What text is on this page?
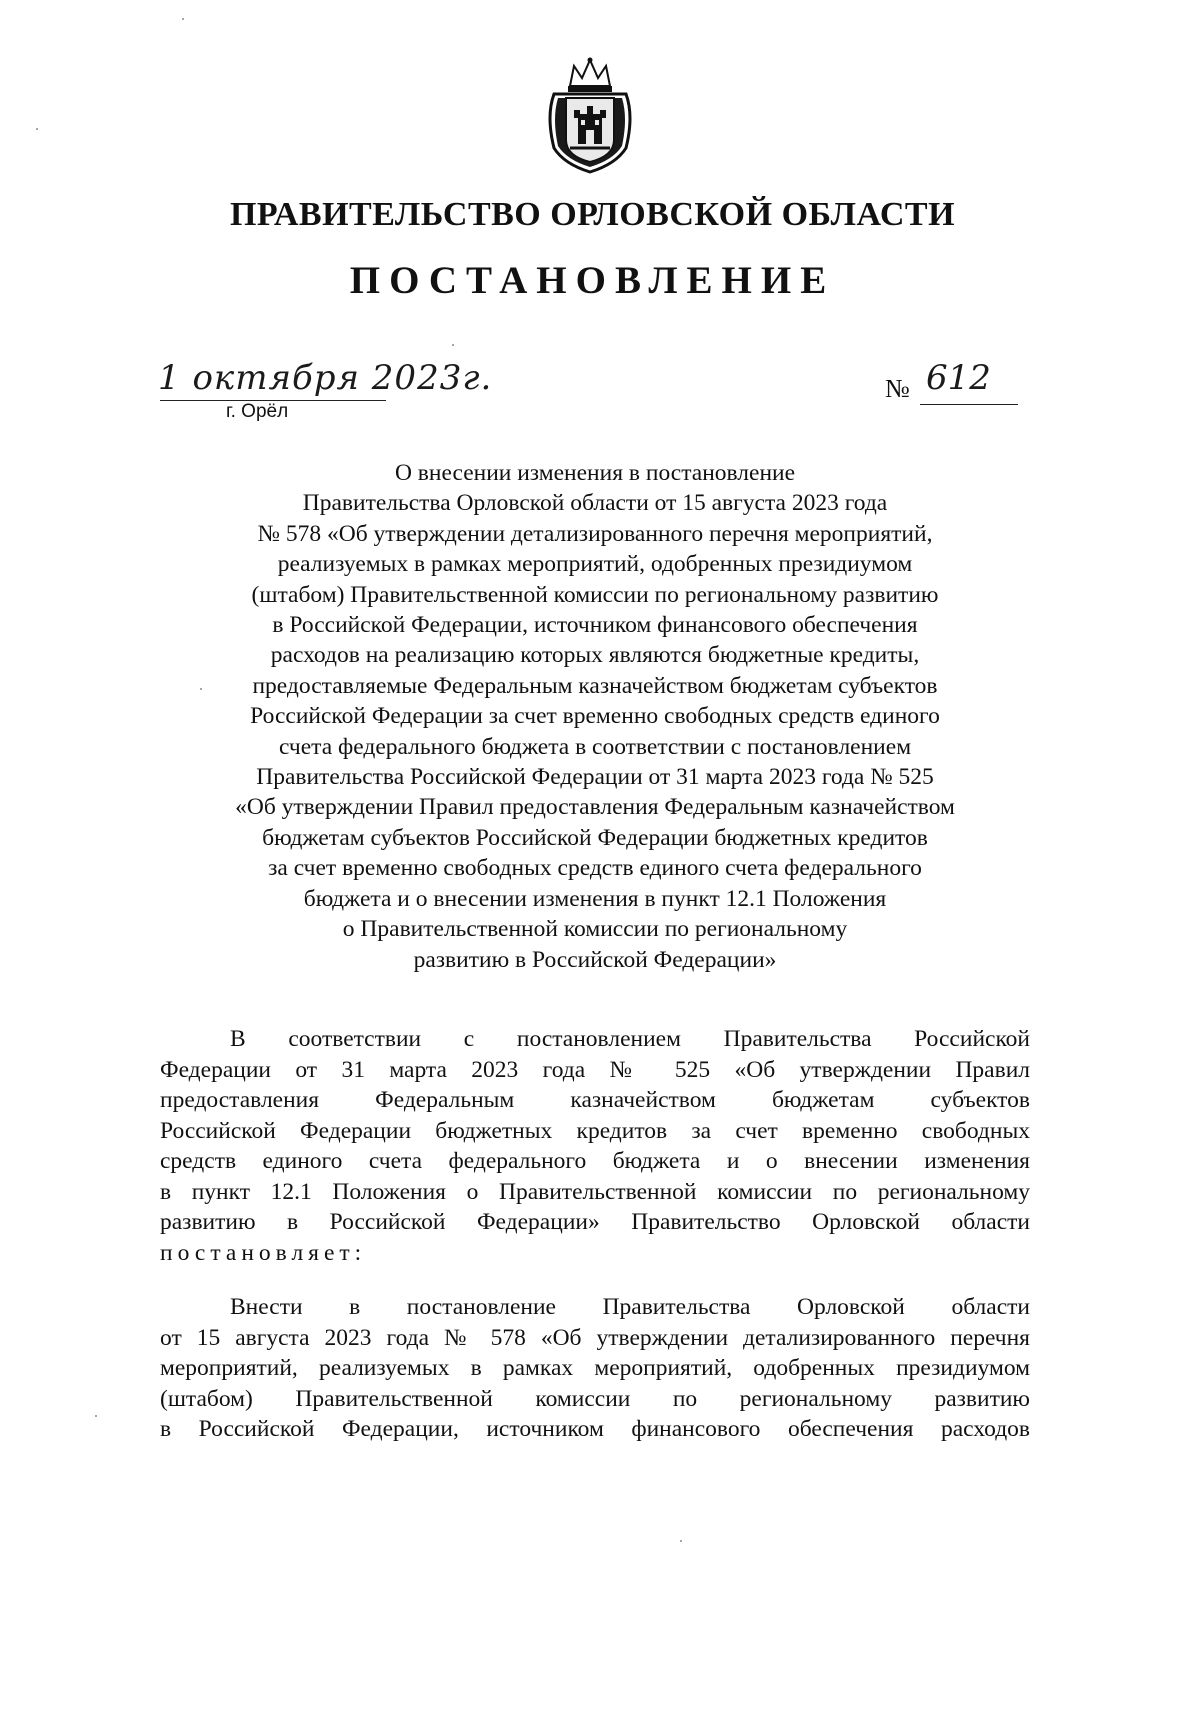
ПРАВИТЕЛЬСТВО ОРЛОВСКОЙ ОБЛАСТИ
ПОСТАНОВЛЕНИЕ
1 октября 2023г.
г. Орёл
№ 612
О внесении изменения в постановление
Правительства Орловской области от 15 августа 2023 года
№ 578 «Об утверждении детализированного перечня мероприятий,
реализуемых в рамках мероприятий, одобренных президиумом
(штабом) Правительственной комиссии по региональному развитию
в Российской Федерации, источником финансового обеспечения
расходов на реализацию которых являются бюджетные кредиты,
предоставляемые Федеральным казначейством бюджетам субъектов
Российской Федерации за счет временно свободных средств единого
счета федерального бюджета в соответствии с постановлением
Правительства Российской Федерации от 31 марта 2023 года № 525
«Об утверждении Правил предоставления Федеральным казначейством
бюджетам субъектов Российской Федерации бюджетных кредитов
за счет временно свободных средств единого счета федерального
бюджета и о внесении изменения в пункт 12.1 Положения
о Правительственной комиссии по региональному
развитию в Российской Федерации»
В соответствии с постановлением Правительства Российской
Федерации от 31 марта 2023 года № 525 «Об утверждении Правил
предоставления Федеральным казначейством бюджетам субъектов
Российской Федерации бюджетных кредитов за счет временно свободных
средств единого счета федерального бюджета и о внесении изменения
в пункт 12.1 Положения о Правительственной комиссии по региональному
развитию в Российской Федерации» Правительство Орловской области
постановляет:
Внести в постановление Правительства Орловской области
от 15 августа 2023 года № 578 «Об утверждении детализированного перечня
мероприятий, реализуемых в рамках мероприятий, одобренных президиумом
(штабом) Правительственной комиссии по региональному развитию
в Российской Федерации, источником финансового обеспечения расходов
